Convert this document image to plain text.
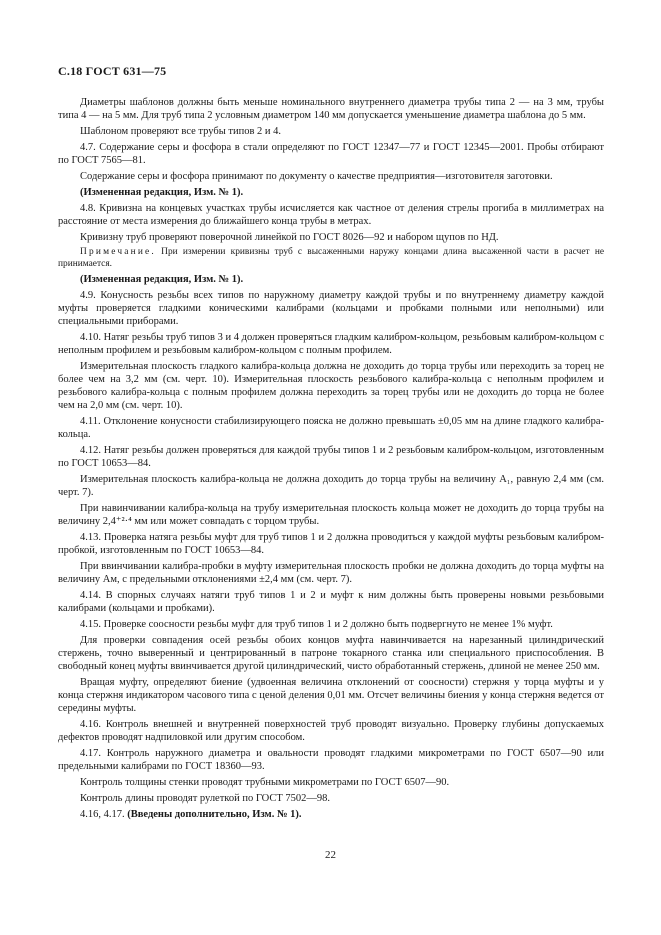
С.18 ГОСТ 631—75

Диаметры шаблонов должны быть меньше номинального внутреннего диаметра трубы типа 2 — на 3 мм, трубы типа 4 — на 5 мм. Для труб типа 2 условным диаметром 140 мм допускается уменьшение диаметра шаблона до 5 мм.

Шаблоном проверяют все трубы типов 2 и 4.

4.7. Содержание серы и фосфора в стали определяют по ГОСТ 12347—77 и ГОСТ 12345—2001. Пробы отбирают по ГОСТ 7565—81.

Содержание серы и фосфора принимают по документу о качестве предприятия—изготовителя заготовки.

(Измененная редакция, Изм. № 1).

4.8. Кривизна на концевых участках трубы исчисляется как частное от деления стрелы прогиба в миллиметрах на расстояние от места измерения до ближайшего конца трубы в метрах.

Кривизну труб проверяют поверочной линейкой по ГОСТ 8026—92 и набором щупов по НД.

Примечание. При измерении кривизны труб с высаженными наружу концами длина высаженной части в расчет не принимается.

(Измененная редакция, Изм. № 1).

4.9. Конусность резьбы всех типов по наружному диаметру каждой трубы и по внутреннему диаметру каждой муфты проверяется гладкими коническими калибрами (кольцами и пробками полными или неполными) или специальными приборами.

4.10. Натяг резьбы труб типов 3 и 4 должен проверяться гладким калибром-кольцом, резьбовым калибром-кольцом с неполным профилем и резьбовым калибром-кольцом с полным профилем.

Измерительная плоскость гладкого калибра-кольца должна не доходить до торца трубы или переходить за торец не более чем на 3,2 мм (см. черт. 10). Измерительная плоскость резьбового калибра-кольца с неполным профилем и резьбового калибра-кольца с полным профилем должна переходить за торец трубы или не доходить до торца не более чем на 2,0 мм (см. черт. 10).

4.11. Отклонение конусности стабилизирующего пояска не должно превышать ±0,05 мм на длине гладкого калибра-кольца.

4.12. Натяг резьбы должен проверяться для каждой трубы типов 1 и 2 резьбовым калибром-кольцом, изготовленным по ГОСТ 10653—84.

Измерительная плоскость калибра-кольца не должна доходить до торца трубы на величину A₁, равную 2,4 мм (см. черт. 7).

При навинчивании калибра-кольца на трубу измерительная плоскость кольца может не доходить до торца трубы на величину 2,4⁺²·⁴ мм или может совпадать с торцом трубы.

4.13. Проверка натяга резьбы муфт для труб типов 1 и 2 должна проводиться у каждой муфты резьбовым калибром-пробкой, изготовленным по ГОСТ 10653—84.

При ввинчивании калибра-пробки в муфту измерительная плоскость пробки не должна доходить до торца муфты на величину Aм, с предельными отклонениями ±2,4 мм (см. черт. 7).

4.14. В спорных случаях натяги труб типов 1 и 2 и муфт к ним должны быть проверены новыми резьбовыми калибрами (кольцами и пробками).

4.15. Проверке соосности резьбы муфт для труб типов 1 и 2 должно быть подвергнуто не менее 1% муфт.

Для проверки совпадения осей резьбы обоих концов муфта навинчивается на нарезанный цилиндрический стержень, точно выверенный и центрированный в патроне токарного станка или специального приспособления. В свободный конец муфты ввинчивается другой цилиндрический, чисто обработанный стержень, длиной не менее 250 мм.

Вращая муфту, определяют биение (удвоенная величина отклонений от соосности) стержня у торца муфты и у конца стержня индикатором часового типа с ценой деления 0,01 мм. Отсчет величины биения у конца стержня ведется от середины муфты.

4.16. Контроль внешней и внутренней поверхностей труб проводят визуально. Проверку глубины допускаемых дефектов проводят надпиловкой или другим способом.

4.17. Контроль наружного диаметра и овальности проводят гладкими микрометрами по ГОСТ 6507—90 или предельными калибрами по ГОСТ 18360—93.

Контроль толщины стенки проводят трубными микрометрами по ГОСТ 6507—90.

Контроль длины проводят рулеткой по ГОСТ 7502—98.

4.16, 4.17. (Введены дополнительно, Изм. № 1).

22
